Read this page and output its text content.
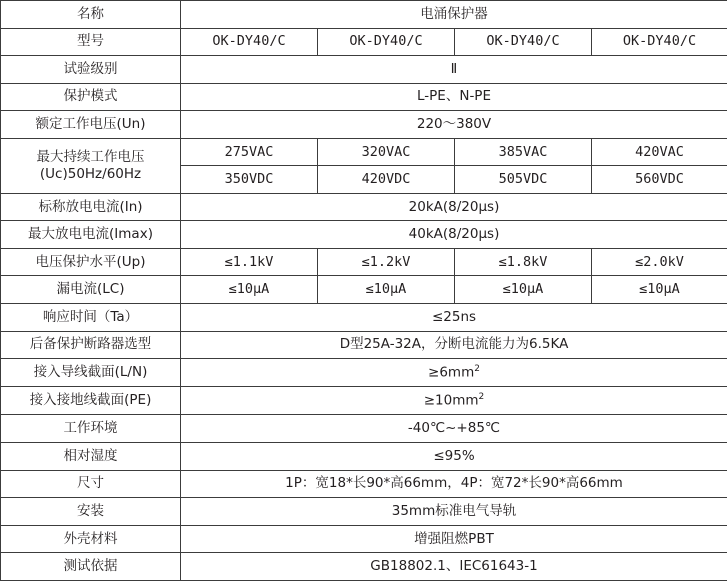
名称	电涌保护器			
型号	OK-DY40/C	OK-DY40/C	OK-DY40/C	OK-DY40/C
试验级别	Ⅱ			
保护模式	L-PE、N-PE			
额定工作电压(Un)	220～380V			

最大持续工作电压
(Uc)50Hz/60Hz	275VAC	320VAC	385VAC	420VAC
	350VDC	420VDC	505VDC	560VDC
标称放电电流(In)	20kA(8/20μs)			
最大放电电流(Imax)	40kA(8/20μs)			
电压保护水平(Up)	≤1.1kV	≤1.2kV	≤1.8kV	≤2.0kV
漏电流(LC)	≤10μA	≤10μA	≤10μA	≤10μA
响应时间（Ta）	≤25ns			
后备保护断路器选型	D型25A-32A，分断电流能力为6.5KA			
接入导线截面(L/N)	$\ge 6mm^2$
接入接地线截面(PE)	$\ge 10mm^2$
工作环境	-40℃~+85℃			
相对湿度	≤95%			
尺寸	1P：宽18*长90*高66mm，4P：宽72*长90*高66mm			
安装	35mm标准电气导轨			
外壳材料	增强阻燃PBT			
测试依据	GB18802.1、IEC61643-1			
